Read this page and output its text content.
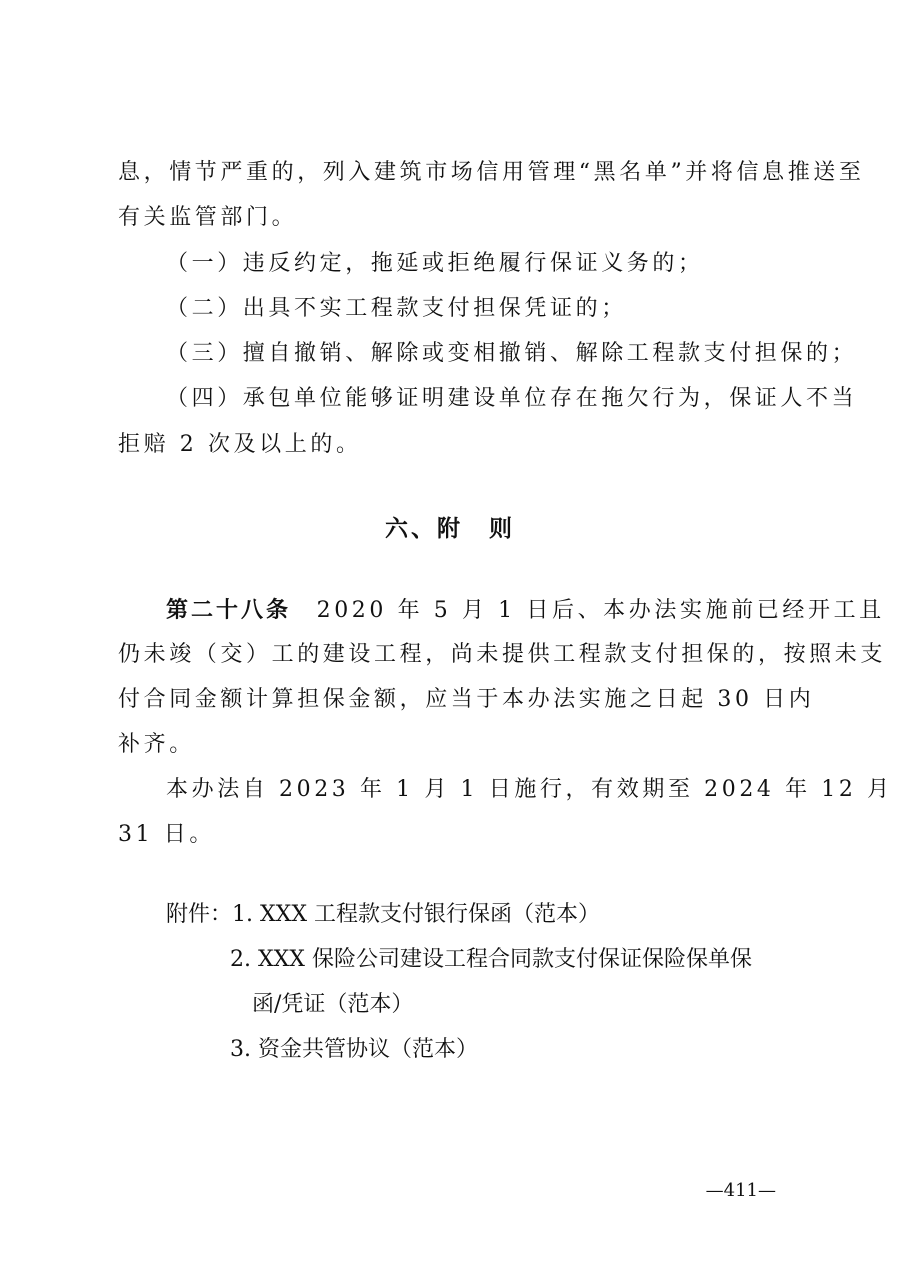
息，情节严重的，列入建筑市场信用管理“黑名单”并将信息推送至
有关监管部门。
（一）违反约定，拖延或拒绝履行保证义务的；
（二）出具不实工程款支付担保凭证的；
（三）擅自撤销、解除或变相撤销、解除工程款支付担保的；
（四）承包单位能够证明建设单位存在拖欠行为，保证人不当
拒赔 2 次及以上的。
六、附　则
第二十八条　2020 年 5 月 1 日后、本办法实施前已经开工且
仍未竣（交）工的建设工程，尚未提供工程款支付担保的，按照未支
付合同金额计算担保金额，应当于本办法实施之日起 30 日内
补齐。
本办法自 2023 年 1 月 1 日施行，有效期至 2024 年 12 月
31 日。
附件：1. XXX 工程款支付银行保函（范本）
2. XXX 保险公司建设工程合同款支付保证保险保单保
函/凭证（范本）
3. 资金共管协议（范本）
—411—
